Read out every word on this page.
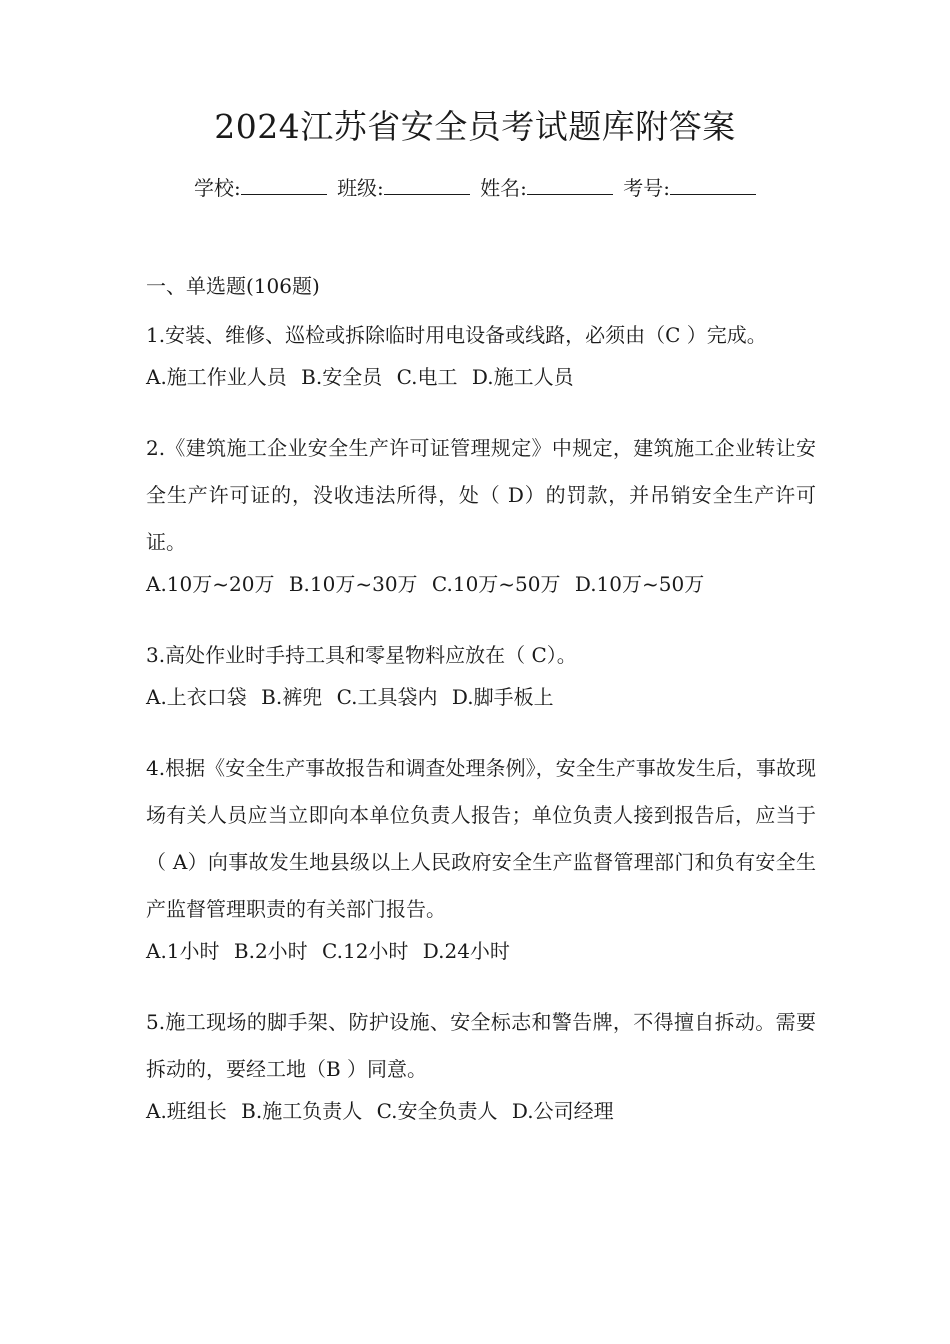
2024江苏省安全员考试题库附答案
学校:	班级:	姓名:	考号:
一、单选题(106题)

1.安装、维修、巡检或拆除临时用电设备或线路，必须由（C ）完成。

A.施工作业人员 B.安全员 C.电工 D.施工人员

2.《建筑施工企业安全生产许可证管理规定》中规定，建筑施工企业转让安全生产许可证的，没收违法所得，处（ D）的罚款，并吊销安全生产许可证。

A.10万~20万 B.10万~30万 C.10万~50万 D.10万~50万

3.高处作业时手持工具和零星物料应放在（ C）。

A.上衣口袋 B.裤兜 C.工具袋内 D.脚手板上

4.根据《安全生产事故报告和调查处理条例》，安全生产事故发生后，事故现场有关人员应当立即向本单位负责人报告；单位负责人接到报告后，应当于（ A）向事故发生地县级以上人民政府安全生产监督管理部门和负有安全生产监督管理职责的有关部门报告。

A.1小时 B.2小时 C.12小时 D.24小时

5.施工现场的脚手架、防护设施、安全标志和警告牌，不得擅自拆动。需要拆动的，要经工地（B ）同意。

A.班组长 B.施工负责人 C.安全负责人 D.公司经理
